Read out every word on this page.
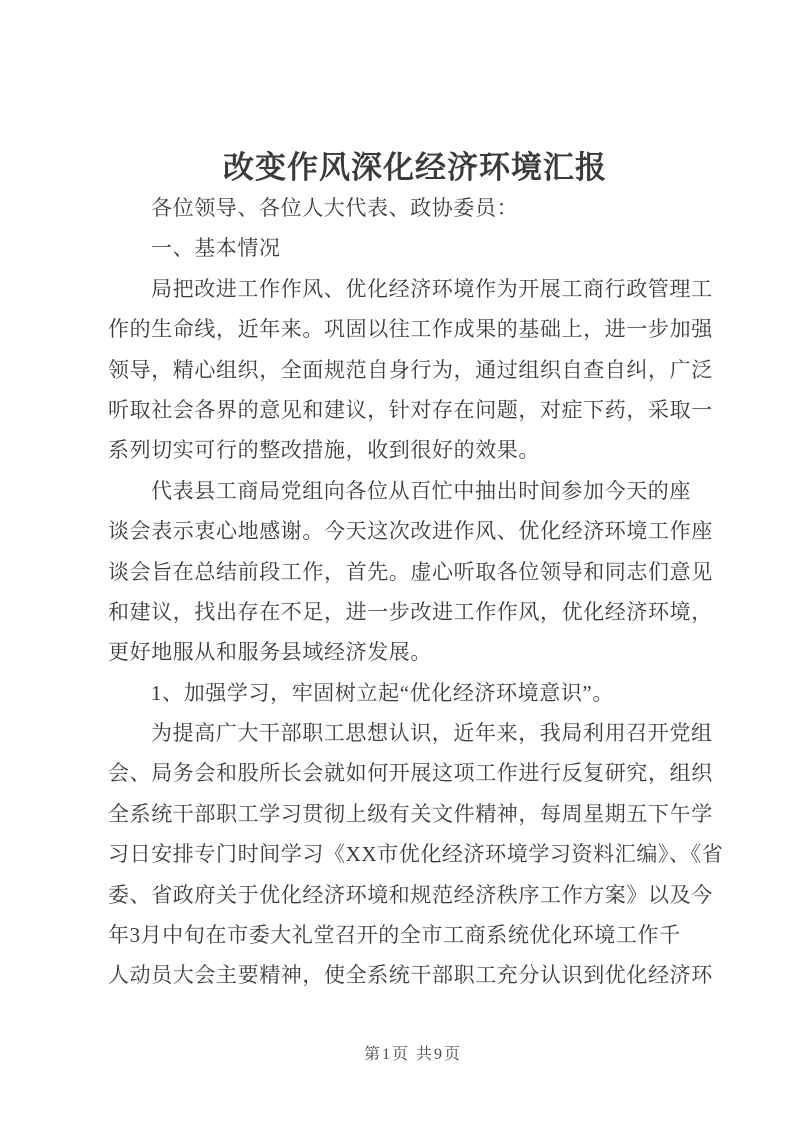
改变作风深化经济环境汇报
各位领导、各位人大代表、政协委员：
一、基本情况
局把改进工作作风、优化经济环境作为开展工商行政管理工
作的生命线，近年来。巩固以往工作成果的基础上，进一步加强
领导，精心组织，全面规范自身行为，通过组织自查自纠，广泛
听取社会各界的意见和建议，针对存在问题，对症下药，采取一
系列切实可行的整改措施，收到很好的效果。
代表县工商局党组向各位从百忙中抽出时间参加今天的座
谈会表示衷心地感谢。今天这次改进作风、优化经济环境工作座
谈会旨在总结前段工作，首先。虚心听取各位领导和同志们意见
和建议，找出存在不足，进一步改进工作作风，优化经济环境，
更好地服从和服务县域经济发展。
1、加强学习，牢固树立起“优化经济环境意识”。
为提高广大干部职工思想认识，近年来，我局利用召开党组
会、局务会和股所长会就如何开展这项工作进行反复研究，组织
全系统干部职工学习贯彻上级有关文件精神，每周星期五下午学
习日安排专门时间学习《XX市优化经济环境学习资料汇编》、《省
委、省政府关于优化经济环境和规范经济秩序工作方案》以及今
年3月中旬在市委大礼堂召开的全市工商系统优化环境工作千
人动员大会主要精神，使全系统干部职工充分认识到优化经济环
第1页 共9页
